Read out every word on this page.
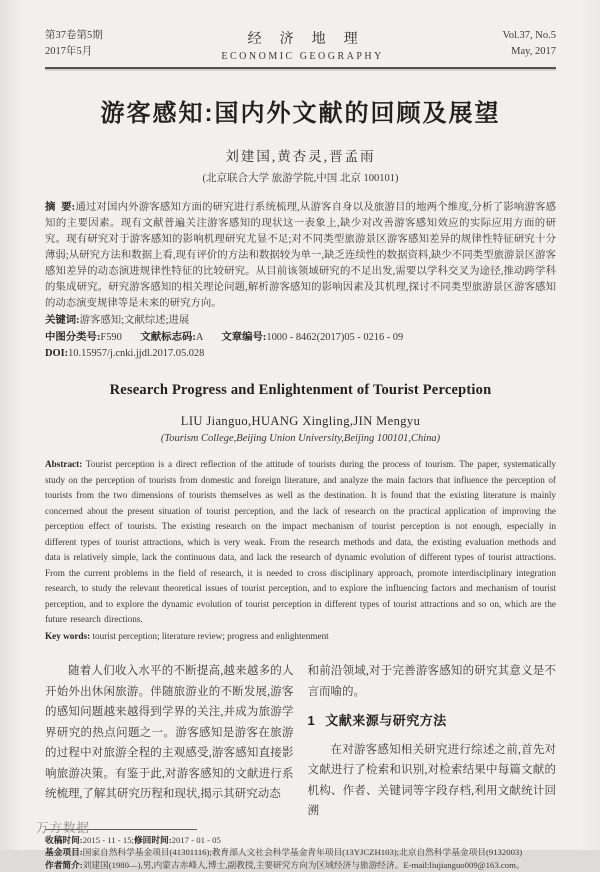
第37卷第5期
2017年5月
经济地理
ECONOMIC GEOGRAPHY
Vol.37, No.5
May, 2017
游客感知:国内外文献的回顾及展望
刘建国,黄杏灵,晋孟雨
(北京联合大学 旅游学院,中国 北京 100101)

摘  要:通过对国内外游客感知方面的研究进行系统梳理,从游客自身以及旅游目的地两个维度,分析了影响游客感知的主要因素。现有文献普遍关注游客感知的现状这一表象上,缺少对改善游客感知效应的实际应用方面的研究。现有研究对于游客感知的影响机理研究尤显不足;对不同类型旅游景区游客感知差异的规律性特征研究十分薄弱;从研究方法和数据上看,现有评价的方法和数据较为单一,缺乏连续性的数据资料,缺少不同类型旅游景区游客感知差异的动态演进规律性特征的比较研究。从目前该领域研究的不足出发,需要以学科交叉为途径,推动跨学科的集成研究。研究游客感知的相关理论问题,解析游客感知的影响因素及其机理,探讨不同类型旅游景区游客感知的动态演变规律等是未来的研究方向。

关键词:游客感知;文献综述;进展

中图分类号:F590 文献标志码:A 文章编号:1000 - 8462(2017)05 - 0216 - 09

DOI:10.15957/j.cnki.jjdl.2017.05.028

Research Progress and Enlightenment of Tourist Perception
LIU Jianguo,HUANG Xingling,JIN Mengyu
(Tourism College,Beijing Union University,Beijing 100101,China)

Abstract: Tourist perception is a direct reflection of the attitude of tourists during the process of tourism. The paper, systematically study on the perception of tourists from domestic and foreign literature, and analyze the main factors that influence the perception of tourists from the two dimensions of tourists themselves as well as the destination. It is found that the existing literature is mainly concerned about the present situation of tourist perception, and the lack of research on the practical application of improving the perception effect of tourists. The existing research on the impact mechanism of tourist perception is not enough, especially in different types of tourist attractions, which is very weak. From the research methods and data, the existing evaluation methods and data is relatively simple, lack the continuous data, and lack the research of dynamic evolution of different types of tourist attractions. From the current problems in the field of research, it is needed to cross disciplinary approach, promote interdisciplinary integration research, to study the relevant theoretical issues of tourist perception, and to explore the influencing factors and mechanism of tourist perception, and to explore the dynamic evolution of tourist perception in different types of tourist attractions and so on, which are the future research directions.

Key words: tourist perception; literature review; progress and enlightenment

随着人们收入水平的不断提高,越来越多的人开始外出休闲旅游。伴随旅游业的不断发展,游客的感知问题越来越得到学界的关注,并成为旅游学界研究的热点问题之一。游客感知是游客在旅游的过程中对旅游全程的主观感受,游客感知直接影响旅游决策。有鉴于此,对游客感知的文献进行系统梳理,了解其研究历程和现状,揭示其研究动态

和前沿领域,对于完善游客感知的研究其意义是不言而喻的。

1 文献来源与研究方法

在对游客感知相关研究进行综述之前,首先对文献进行了检索和识别,对检索结果中每篇文献的机构、作者、关键词等字段存档,利用文献统计回溯

收稿时间:2015 - 11 - 15;修回时间:2017 - 01 - 05
基金项目:国家自然科学基金项目(41301116);教育部人文社会科学基金青年项目(13YJCZH103);北京自然科学基金项目(9132003)
作者简介:刘建国(1980—),男,内蒙古赤峰人,博士,副教授,主要研究方向为区域经济与旅游经济。E-mail:liujianguo009@163.com。
万方数据
